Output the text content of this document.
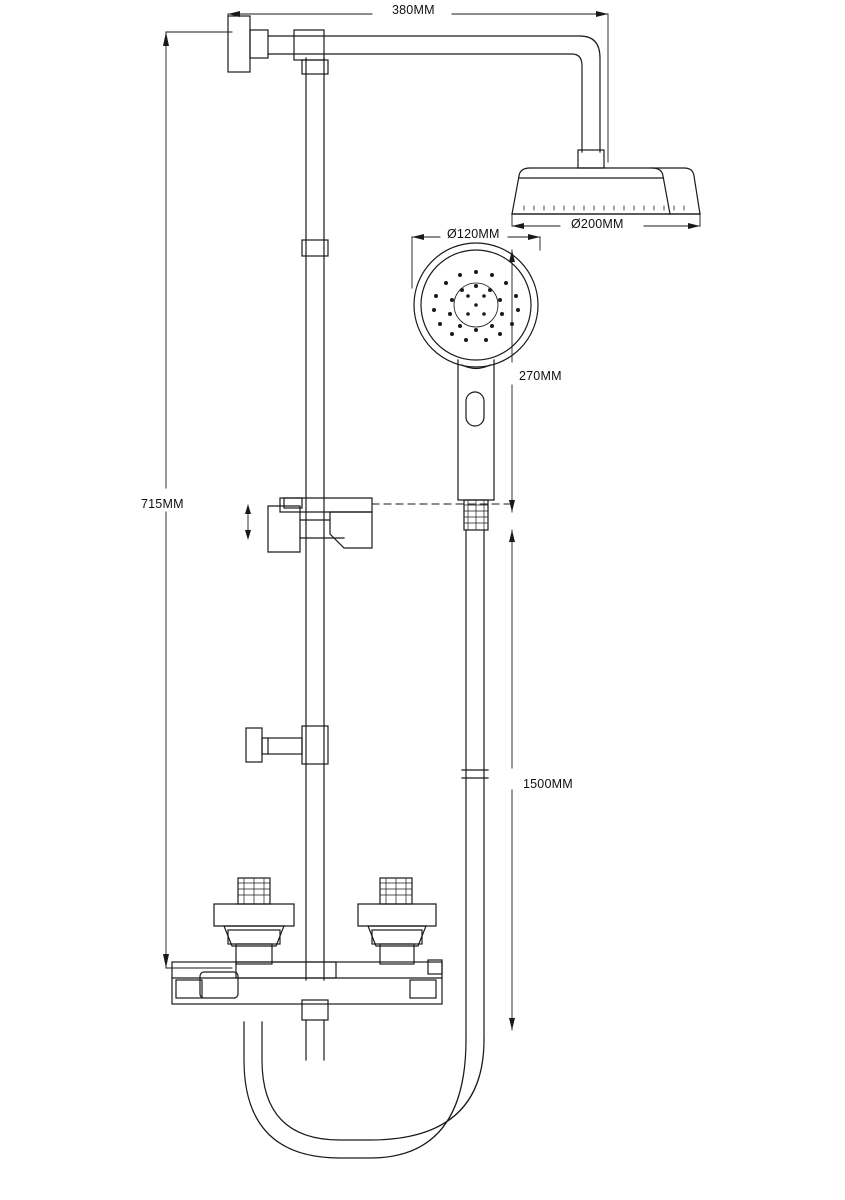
380MM
Ø200MM
Ø120MM
270MM
715MM
1500MM
